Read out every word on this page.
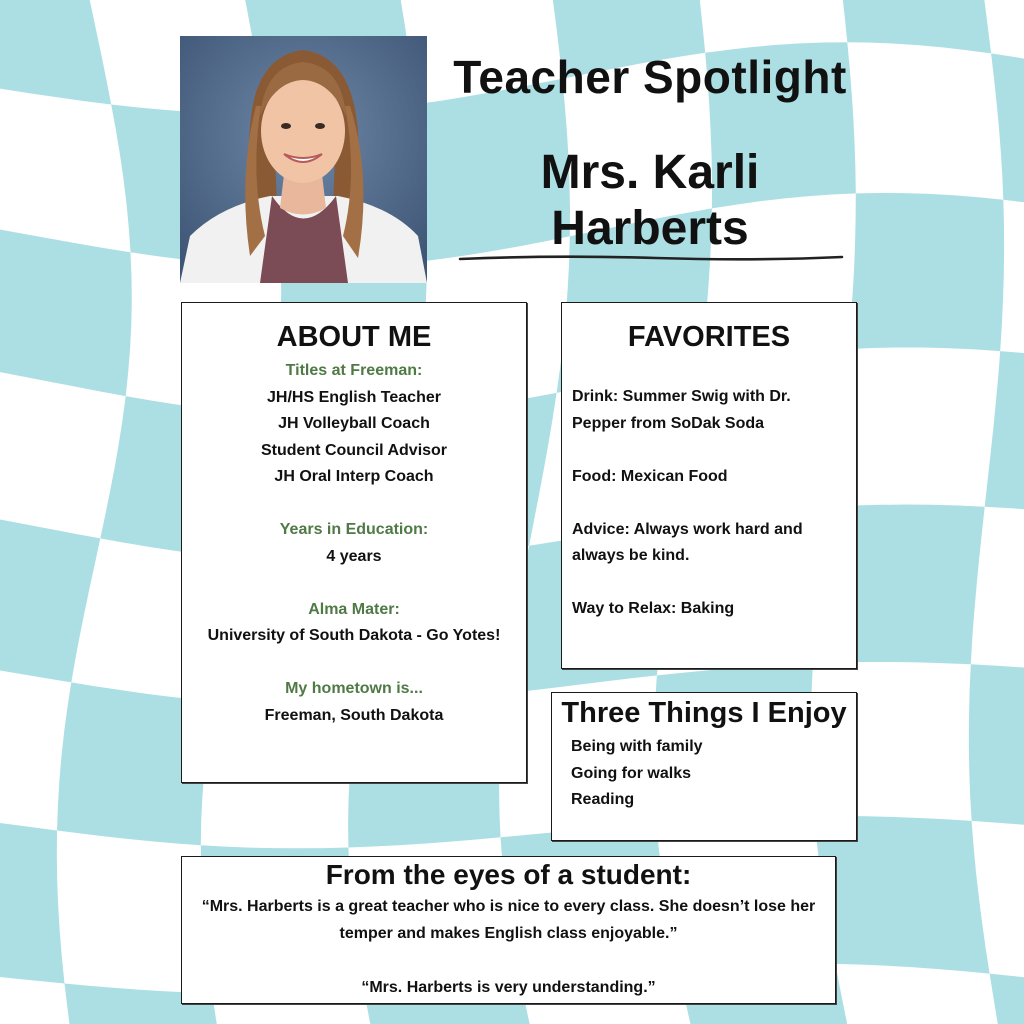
Teacher Spotlight
Mrs. Karli
Harberts
ABOUT ME
Titles at Freeman:
JH/HS English Teacher
JH Volleyball Coach
Student Council Advisor
JH Oral Interp Coach
Years in Education:
4 years
Alma Mater:
University of South Dakota - Go Yotes!
My hometown is...
Freeman, South Dakota
FAVORITES
Drink: Summer Swig with Dr. Pepper from SoDak Soda
Food: Mexican Food
Advice: Always work hard and always be kind.
Way to Relax: Baking
Three Things I Enjoy
Being with family
Going for walks
Reading
From the eyes of a student:
“Mrs. Harberts is a great teacher who is nice to every class. She doesn’t lose her temper and makes English class enjoyable.”
“Mrs. Harberts is very understanding.”
